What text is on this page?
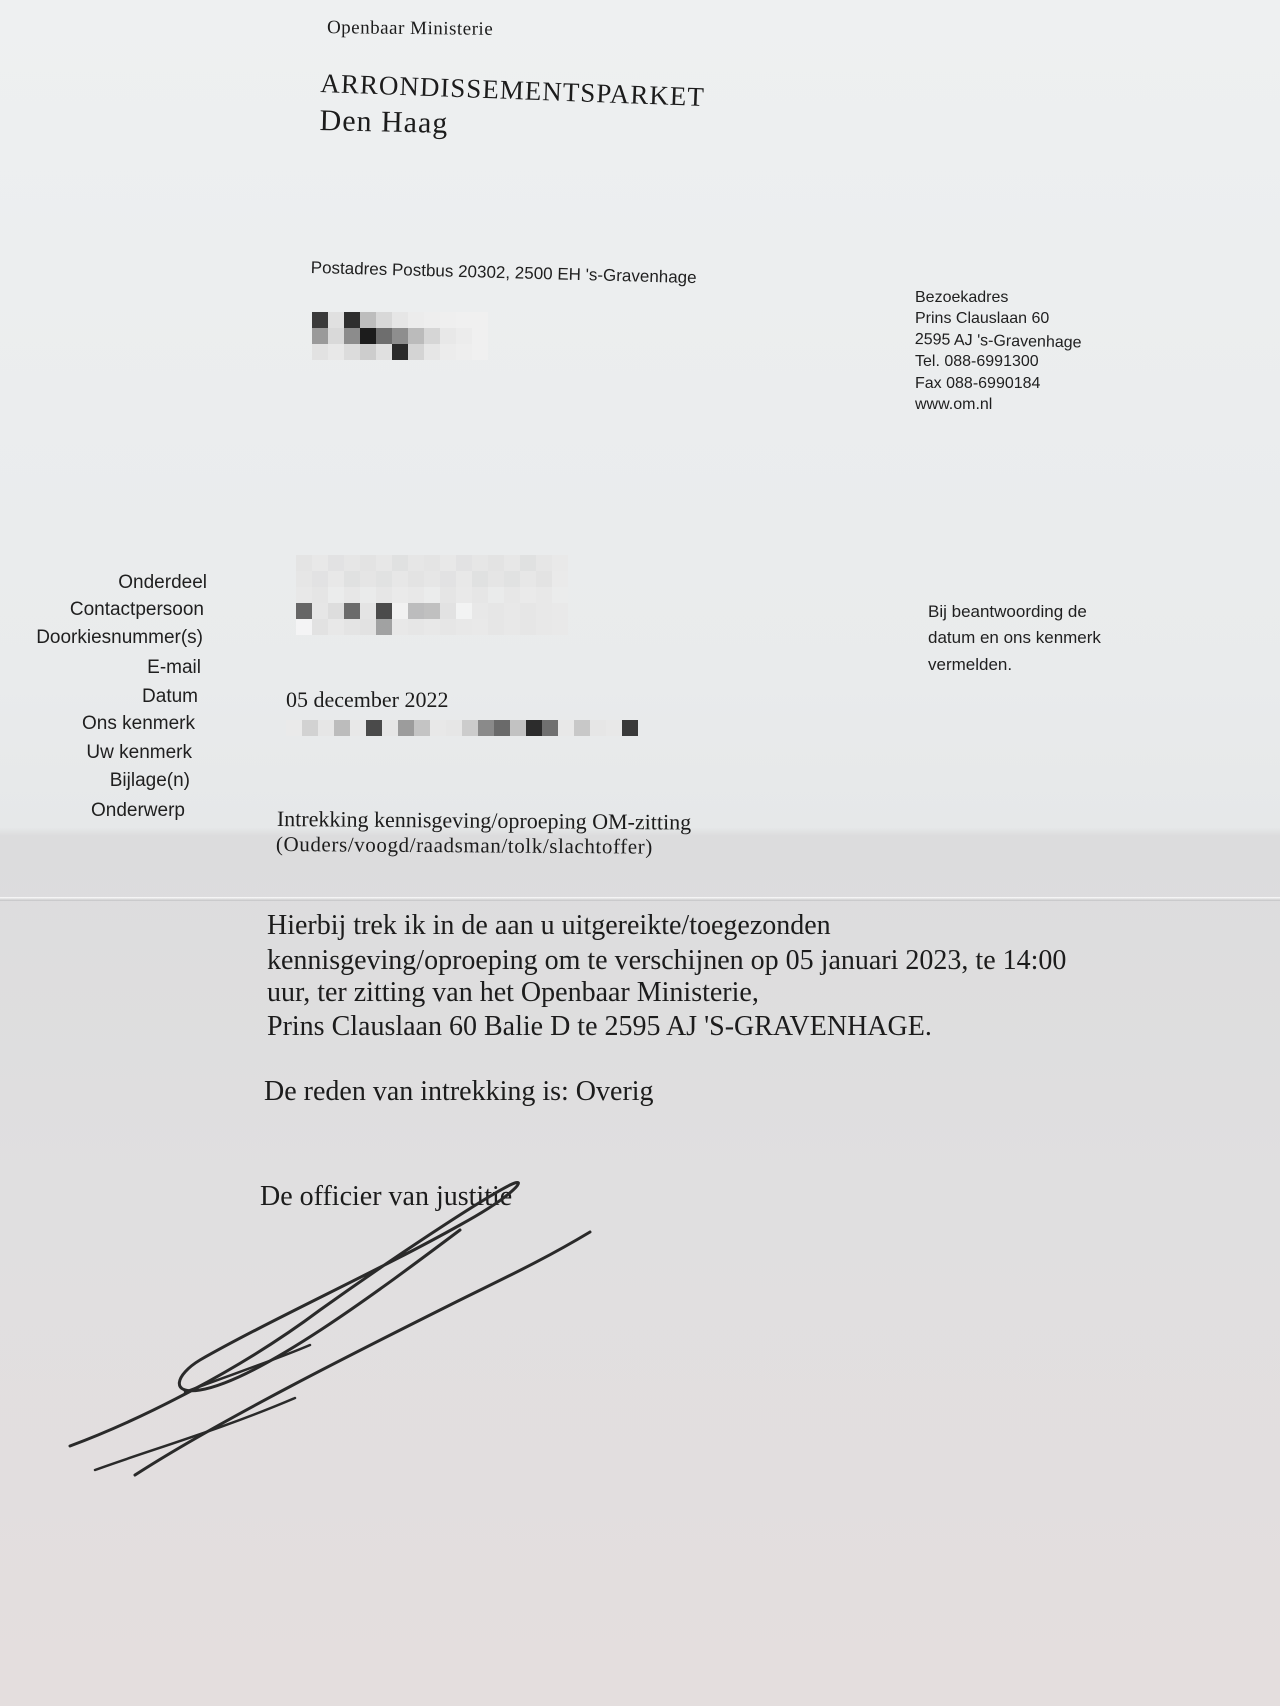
Openbaar Ministerie
ARRONDISSEMENTSPARKET
Den Haag
Postadres Postbus 20302, 2500 EH 's-Gravenhage
Bezoekadres
Prins Clauslaan 60
2595 AJ 's-Gravenhage
Tel. 088-6991300
Fax 088-6990184
www.om.nl
Onderdeel
Contactpersoon
Doorkiesnummer(s)
E-mail
Datum
Ons kenmerk
Uw kenmerk
Bijlage(n)
Onderwerp
05 december 2022
Intrekking kennisgeving/oproeping OM-zitting
(Ouders/voogd/raadsman/tolk/slachtoffer)
Bij beantwoording de
datum en ons kenmerk
vermelden.
Hierbij trek ik in de aan u uitgereikte/toegezonden
kennisgeving/oproeping om te verschijnen op 05 januari 2023, te 14:00
uur, ter zitting van het Openbaar Ministerie,
Prins Clauslaan 60 Balie D te 2595 AJ 'S-GRAVENHAGE.
De reden van intrekking is: Overig
De officier van justitie
